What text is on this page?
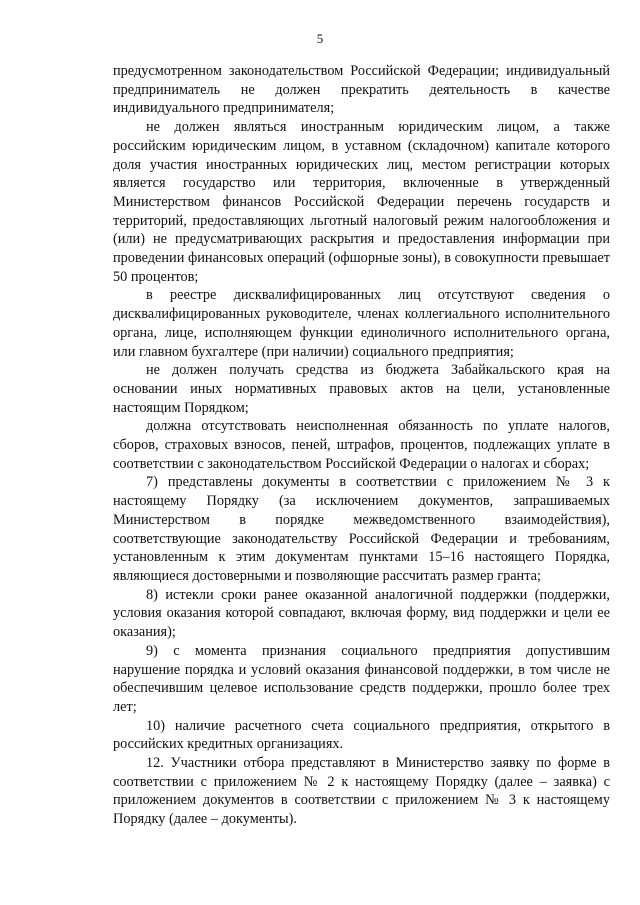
5

предусмотренном законодательством Российской Федерации; индивидуальный предприниматель не должен прекратить деятельность в качестве индивидуального предпринимателя;

не должен являться иностранным юридическим лицом, а также российским юридическим лицом, в уставном (складочном) капитале которого доля участия иностранных юридических лиц, местом регистрации которых является государство или территория, включенные в утвержденный Министерством финансов Российской Федерации перечень государств и территорий, предоставляющих льготный налоговый режим налогообложения и (или) не предусматривающих раскрытия и предоставления информации при проведении финансовых операций (офшорные зоны), в совокупности превышает 50 процентов;

в реестре дисквалифицированных лиц отсутствуют сведения о дисквалифицированных руководителе, членах коллегиального исполнительного органа, лице, исполняющем функции единоличного исполнительного органа, или главном бухгалтере (при наличии) социального предприятия;

не должен получать средства из бюджета Забайкальского края на основании иных нормативных правовых актов на цели, установленные настоящим Порядком;

должна отсутствовать неисполненная обязанность по уплате налогов, сборов, страховых взносов, пеней, штрафов, процентов, подлежащих уплате в соответствии с законодательством Российской Федерации о налогах и сборах;

7) представлены документы в соответствии с приложением № 3 к настоящему Порядку (за исключением документов, запрашиваемых Министерством в порядке межведомственного взаимодействия), соответствующие законодательству Российской Федерации и требованиям, установленным к этим документам пунктами 15–16 настоящего Порядка, являющиеся достоверными и позволяющие рассчитать размер гранта;

8) истекли сроки ранее оказанной аналогичной поддержки (поддержки, условия оказания которой совпадают, включая форму, вид поддержки и цели ее оказания);

9) с момента признания социального предприятия допустившим нарушение порядка и условий оказания финансовой поддержки, в том числе не обеспечившим целевое использование средств поддержки, прошло более трех лет;

10) наличие расчетного счета социального предприятия, открытого в российских кредитных организациях.

12. Участники отбора представляют в Министерство заявку по форме в соответствии с приложением № 2 к настоящему Порядку (далее – заявка) с приложением документов в соответствии с приложением № 3 к настоящему Порядку (далее – документы).
